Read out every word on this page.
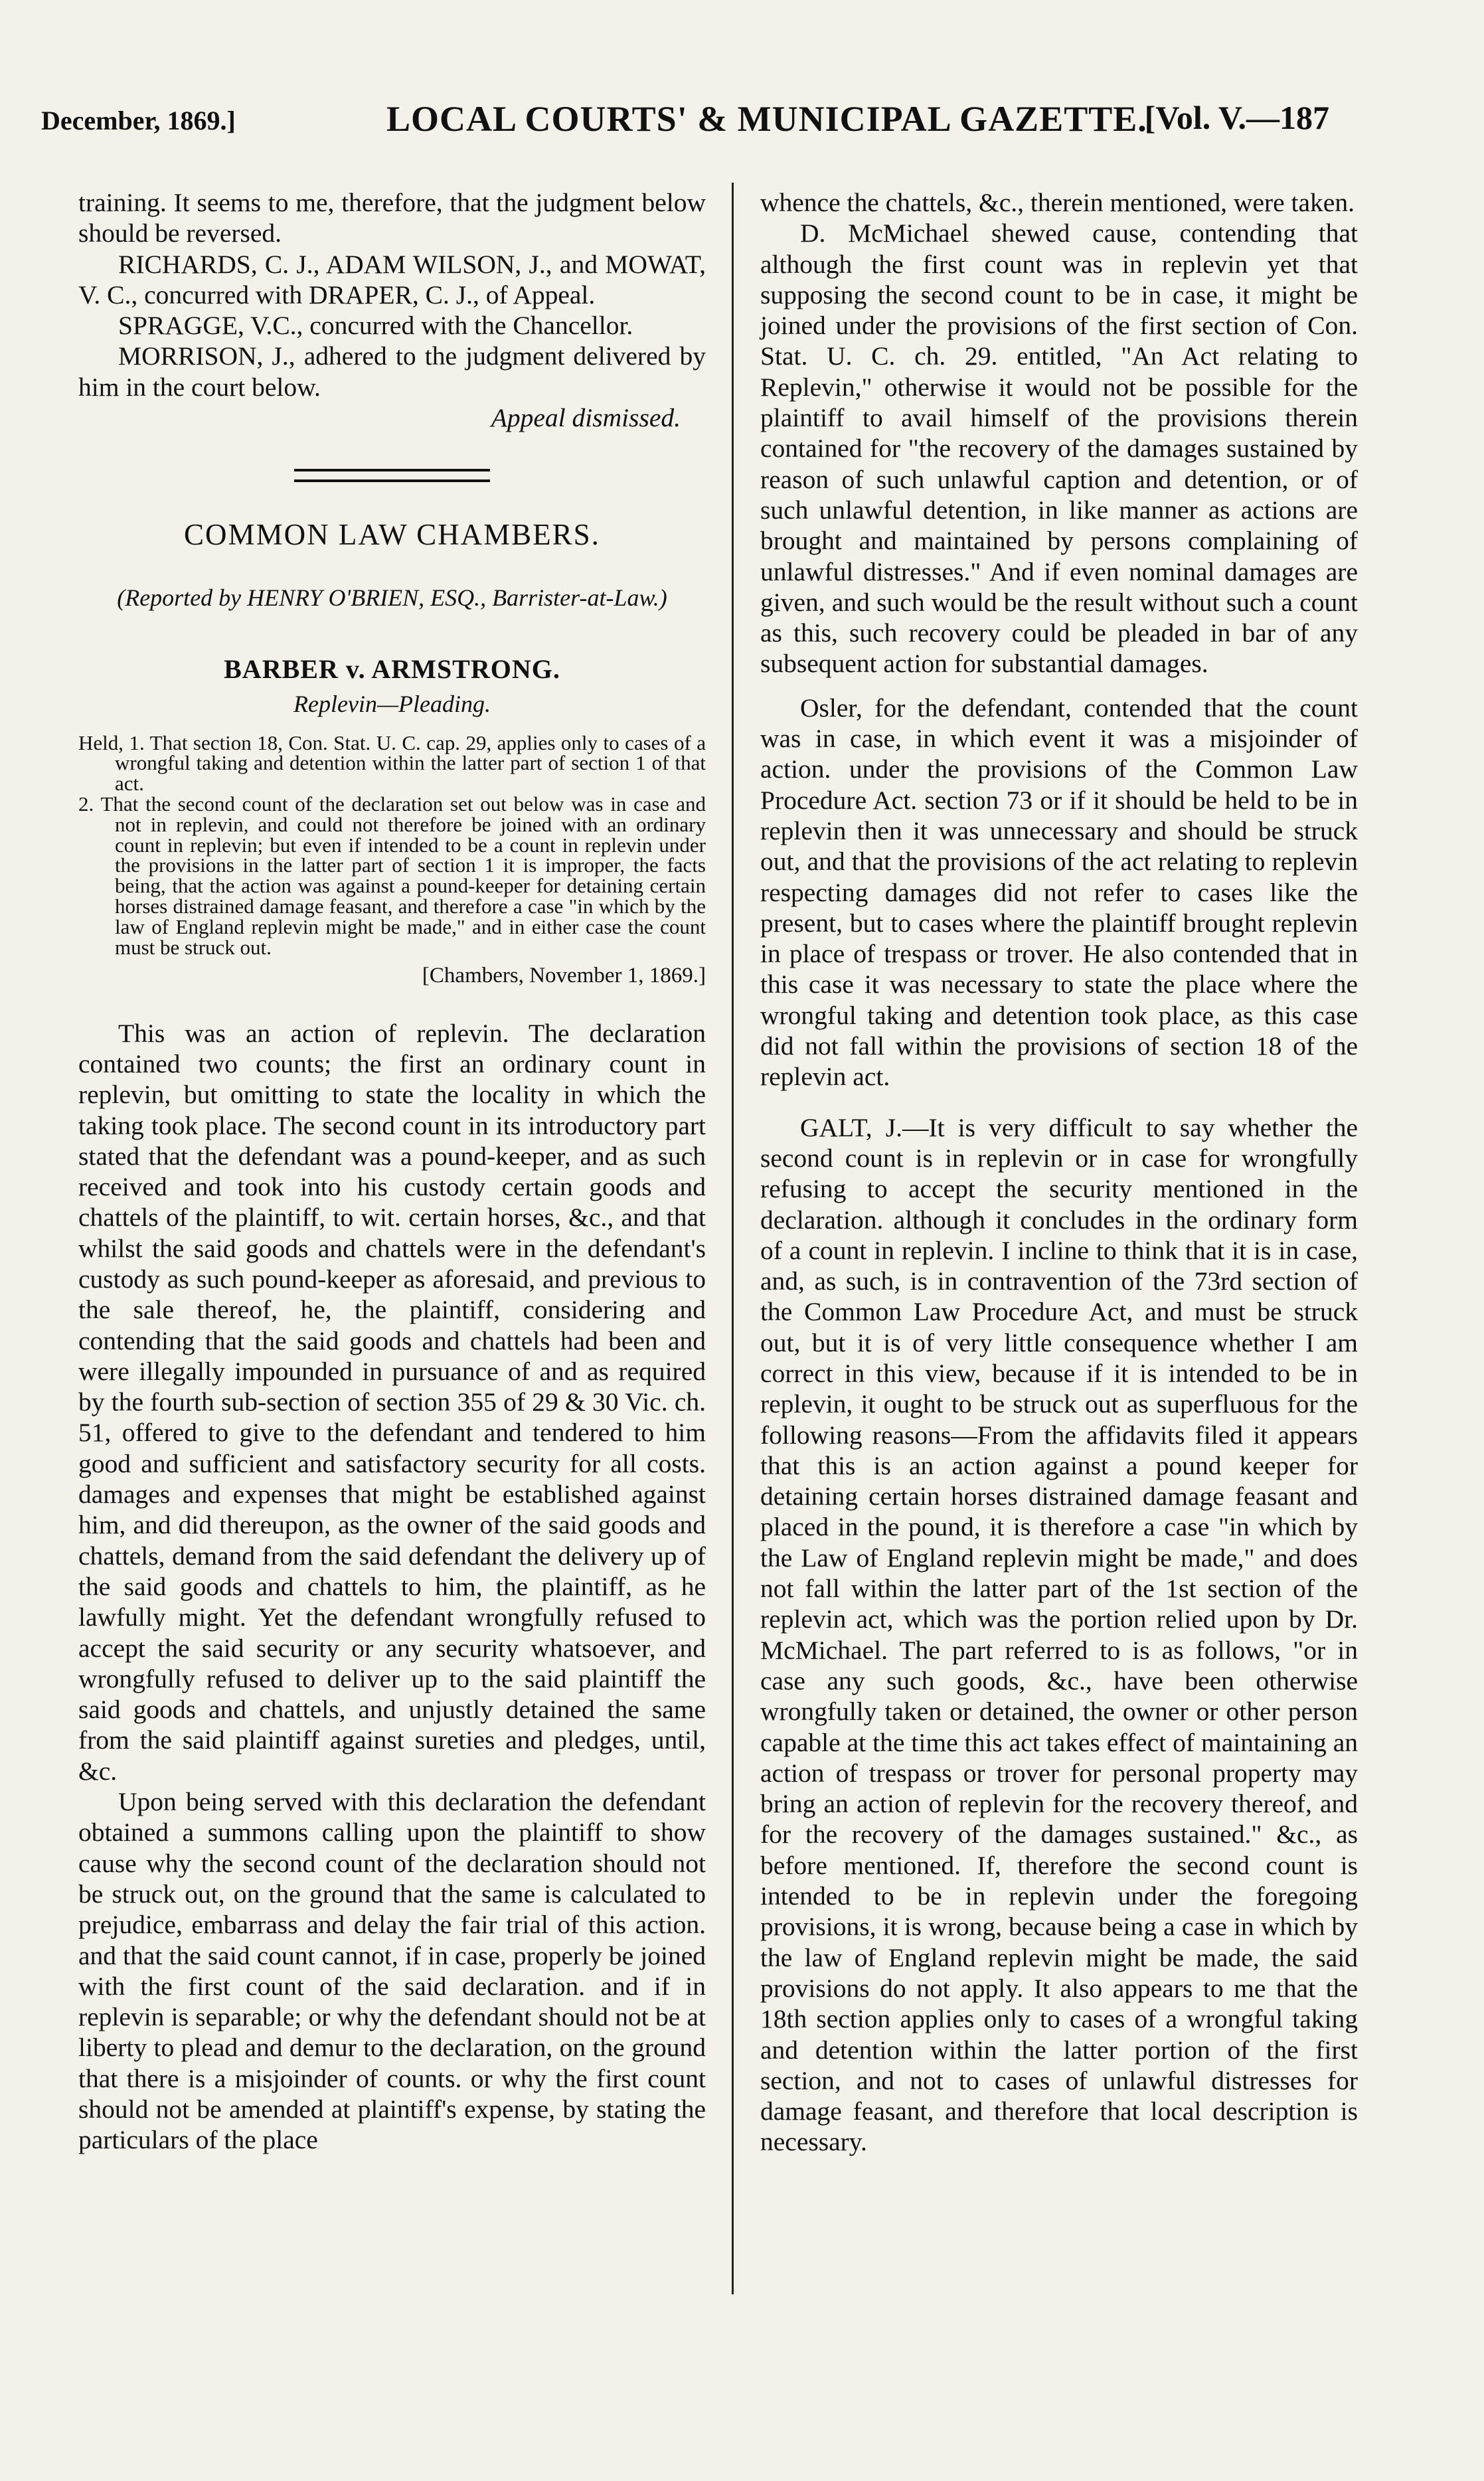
December, 1869.]	LOCAL COURTS' & MUNICIPAL GAZETTE.
[Vol. V.—187

training. It seems to me, therefore, that the judgment below should be reversed.

RICHARDS, C. J., ADAM WILSON, J., and MOWAT, V. C., concurred with DRAPER, C. J., of Appeal.

SPRAGGE, V.C., concurred with the Chancellor.

MORRISON, J., adhered to the judgment delivered by him in the court below.

Appeal dismissed.

COMMON LAW CHAMBERS.
(Reported by HENRY O'BRIEN, ESQ., Barrister-at-Law.)
BARBER v. ARMSTRONG.
Replevin—Pleading.

Held, 1. That section 18, Con. Stat. U. C. cap. 29, applies only to cases of a wrongful taking and detention within the latter part of section 1 of that act.

2. That the second count of the declaration set out below was in case and not in replevin, and could not therefore be joined with an ordinary count in replevin; but even if intended to be a count in replevin under the provisions in the latter part of section 1 it is improper, the facts being, that the action was against a pound-keeper for detaining certain horses distrained damage feasant, and therefore a case "in which by the law of England replevin might be made," and in either case the count must be struck out.

[Chambers, November 1, 1869.]

This was an action of replevin. The declaration contained two counts; the first an ordinary count in replevin, but omitting to state the locality in which the taking took place. The second count in its introductory part stated that the defendant was a pound-keeper, and as such received and took into his custody certain goods and chattels of the plaintiff, to wit. certain horses, &c., and that whilst the said goods and chattels were in the defendant's custody as such pound-keeper as aforesaid, and previous to the sale thereof, he, the plaintiff, considering and contending that the said goods and chattels had been and were illegally impounded in pursuance of and as required by the fourth sub-section of section 355 of 29 & 30 Vic. ch. 51, offered to give to the defendant and tendered to him good and sufficient and satisfactory security for all costs. damages and expenses that might be established against him, and did thereupon, as the owner of the said goods and chattels, demand from the said defendant the delivery up of the said goods and chattels to him, the plaintiff, as he lawfully might. Yet the defendant wrongfully refused to accept the said security or any security whatsoever, and wrongfully refused to deliver up to the said plaintiff the said goods and chattels, and unjustly detained the same from the said plaintiff against sureties and pledges, until, &c.

Upon being served with this declaration the defendant obtained a summons calling upon the plaintiff to show cause why the second count of the declaration should not be struck out, on the ground that the same is calculated to prejudice, embarrass and delay the fair trial of this action. and that the said count cannot, if in case, properly be joined with the first count of the said declaration. and if in replevin is separable; or why the defendant should not be at liberty to plead and demur to the declaration, on the ground that there is a misjoinder of counts. or why the first count should not be amended at plaintiff's expense, by stating the particulars of the place

whence the chattels, &c., therein mentioned, were taken.

D. McMichael shewed cause, contending that although the first count was in replevin yet that supposing the second count to be in case, it might be joined under the provisions of the first section of Con. Stat. U. C. ch. 29. entitled, "An Act relating to Replevin," otherwise it would not be possible for the plaintiff to avail himself of the provisions therein contained for "the recovery of the damages sustained by reason of such unlawful caption and detention, or of such unlawful detention, in like manner as actions are brought and maintained by persons complaining of unlawful distresses." And if even nominal damages are given, and such would be the result without such a count as this, such recovery could be pleaded in bar of any subsequent action for substantial damages.

Osler, for the defendant, contended that the count was in case, in which event it was a misjoinder of action. under the provisions of the Common Law Procedure Act. section 73 or if it should be held to be in replevin then it was unnecessary and should be struck out, and that the provisions of the act relating to replevin respecting damages did not refer to cases like the present, but to cases where the plaintiff brought replevin in place of trespass or trover. He also contended that in this case it was necessary to state the place where the wrongful taking and detention took place, as this case did not fall within the provisions of section 18 of the replevin act.

GALT, J.—It is very difficult to say whether the second count is in replevin or in case for wrongfully refusing to accept the security mentioned in the declaration. although it concludes in the ordinary form of a count in replevin. I incline to think that it is in case, and, as such, is in contravention of the 73rd section of the Common Law Procedure Act, and must be struck out, but it is of very little consequence whether I am correct in this view, because if it is intended to be in replevin, it ought to be struck out as superfluous for the following reasons—From the affidavits filed it appears that this is an action against a pound keeper for detaining certain horses distrained damage feasant and placed in the pound, it is therefore a case "in which by the Law of England replevin might be made," and does not fall within the latter part of the 1st section of the replevin act, which was the portion relied upon by Dr. McMichael. The part referred to is as follows, "or in case any such goods, &c., have been otherwise wrongfully taken or detained, the owner or other person capable at the time this act takes effect of maintaining an action of trespass or trover for personal property may bring an action of replevin for the recovery thereof, and for the recovery of the damages sustained." &c., as before mentioned. If, therefore the second count is intended to be in replevin under the foregoing provisions, it is wrong, because being a case in which by the law of England replevin might be made, the said provisions do not apply. It also appears to me that the 18th section applies only to cases of a wrongful taking and detention within the latter portion of the first section, and not to cases of unlawful distresses for damage feasant, and therefore that local description is necessary.
